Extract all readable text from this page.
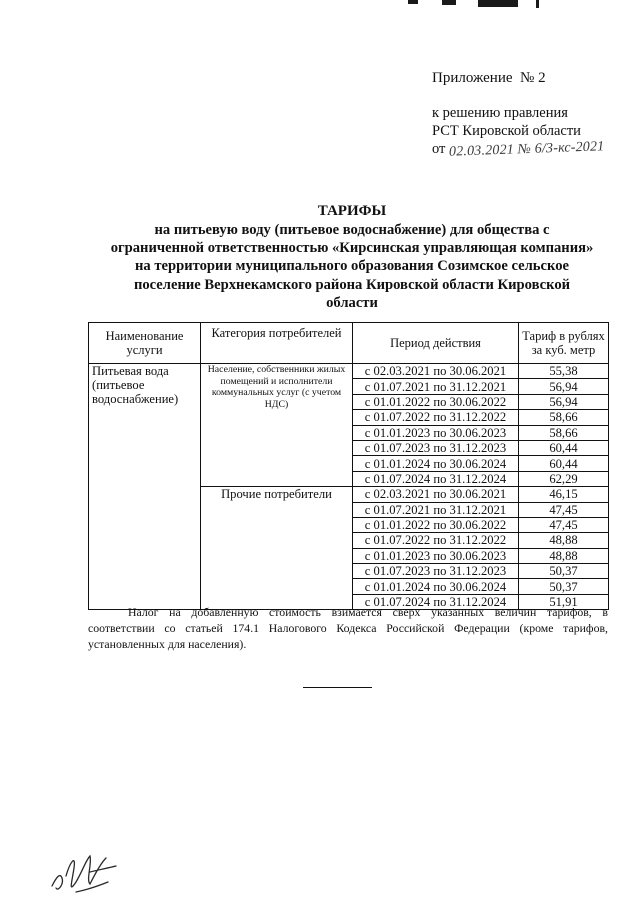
Приложение  № 2
к решению правления
РСТ Кировской области
от 02.03.2021 № 6/3-кс-2021
ТАРИФЫ
на питьевую воду (питьевое водоснабжение) для общества с
ограниченной ответственностью «Кирсинская управляющая компания»
на территории муниципального образования Созимское сельское
поселение Верхнекамского района Кировской области Кировской
области
Наименование услуги	Категория потребителей	Период действия	Тариф в рублях за куб. метр
Питьевая вода (питьевое водоснабжение)	Население, собственники жилых помещений и исполнители коммунальных услуг (с учетом НДС)	с 02.03.2021 по 30.06.2021	55,38
		с 01.07.2021 по 31.12.2021	56,94
		с 01.01.2022 по 30.06.2022	56,94
		с 01.07.2022 по 31.12.2022	58,66
		с 01.01.2023 по 30.06.2023	58,66
		с 01.07.2023 по 31.12.2023	60,44
		с 01.01.2024 по 30.06.2024	60,44
		с 01.07.2024 по 31.12.2024	62,29
	Прочие потребители	с 02.03.2021 по 30.06.2021	46,15
		с 01.07.2021 по 31.12.2021	47,45
		с 01.01.2022 по 30.06.2022	47,45
		с 01.07.2022 по 31.12.2022	48,88
		с 01.01.2023 по 30.06.2023	48,88
		с 01.07.2023 по 31.12.2023	50,37
		с 01.01.2024 по 30.06.2024	50,37
		с 01.07.2024 по 31.12.2024	51,91
Налог на добавленную стоимость взимается сверх указанных величин тарифов, в соответствии со статьей 174.1 Налогового Кодекса Российской Федерации (кроме тарифов, установленных для населения).
